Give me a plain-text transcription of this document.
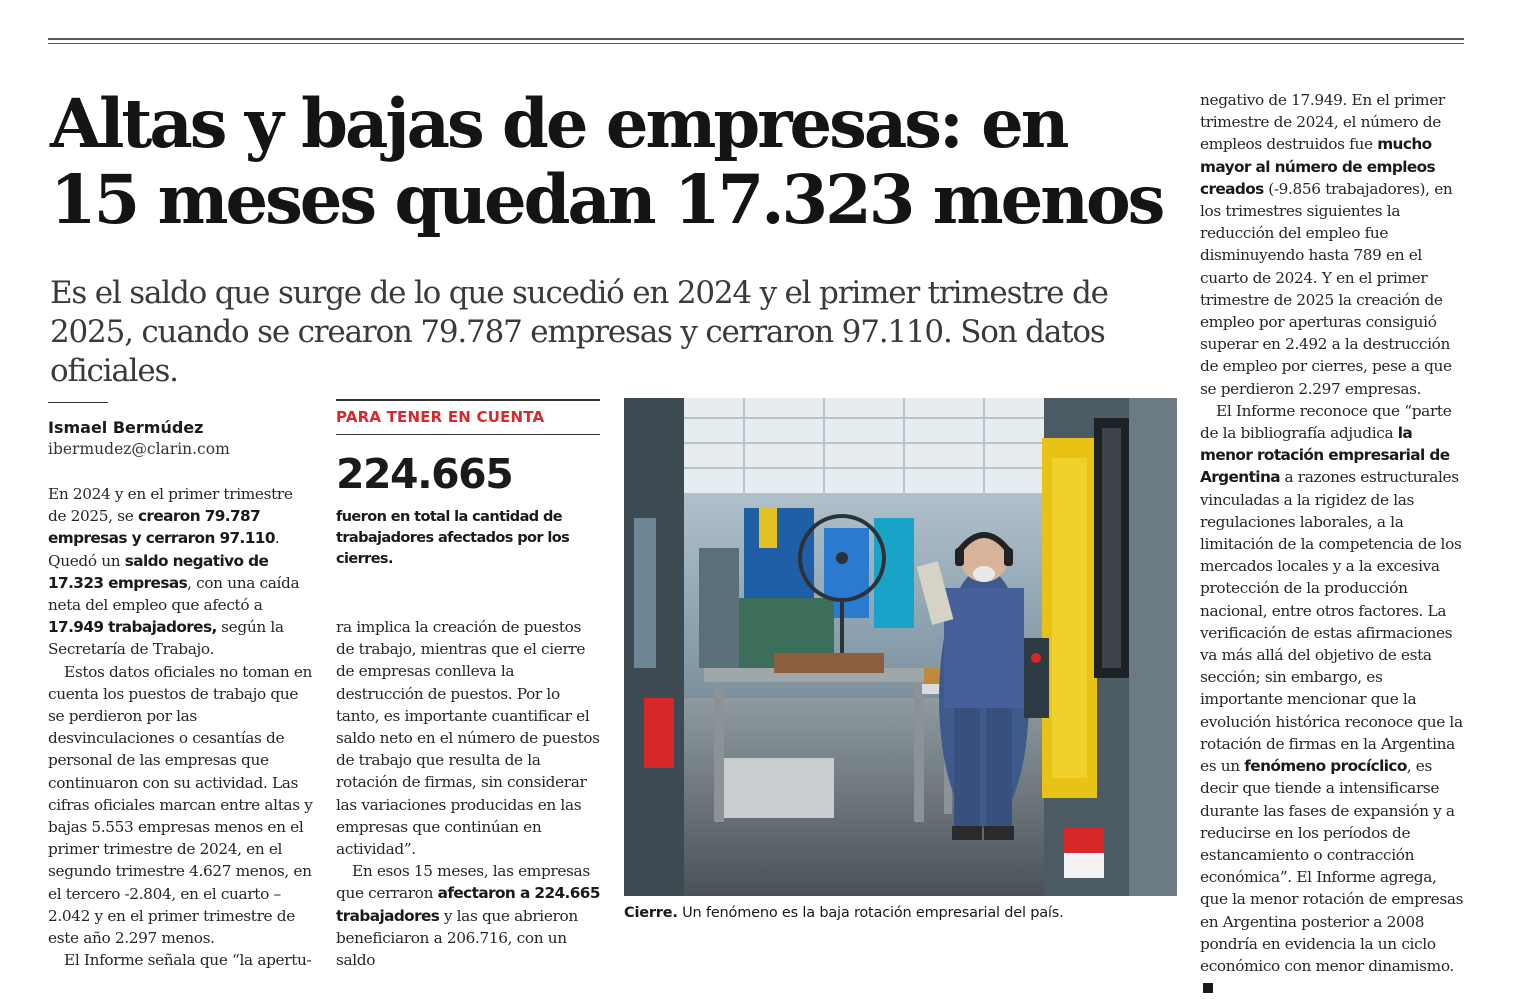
Altas y bajas de empresas: en 15 meses quedan 17.323 menos

Es el saldo que surge de lo que sucedió en 2024 y el primer trimestre de 2025, cuando se crearon 79.787 empresas y cerraron 97.110. Son datos oficiales.

Ismael Bermúdez
ibermudez@clarin.com

En 2024 y en el primer trimestre de 2025, se crearon 79.787 empresas y cerraron 97.110. Quedó un saldo negativo de 17.323 empresas, con una caída neta del empleo que afectó a 17.949 trabajadores, según la Secretaría de Trabajo.

Estos datos oficiales no toman en cuenta los puestos de trabajo que se perdieron por las desvinculaciones o cesantías de personal de las empresas que continuaron con su actividad. Las cifras oficiales marcan entre altas y bajas 5.553 empresas menos en el primer trimestre de 2024, en el segundo trimestre 4.627 menos, en el tercero -2.804, en el cuarto – 2.042 y en el primer trimestre de este año 2.297 menos.

El Informe señala que “la apertu-

PARA TENER EN CUENTA
224.665
fueron en total la cantidad de trabajadores afectados por los cierres.

ra implica la creación de puestos de trabajo, mientras que el cierre de empresas conlleva la destrucción de puestos. Por lo tanto, es importante cuantificar el saldo neto en el número de puestos de trabajo que resulta de la rotación de firmas, sin considerar las variaciones producidas en las empresas que continúan en actividad”.

En esos 15 meses, las empresas que cerraron afectaron a 224.665 trabajadores y las que abrieron beneficiaron a 206.716, con un saldo

Cierre. Un fenómeno es la baja rotación empresarial del país.

negativo de 17.949. En el primer trimestre de 2024, el número de empleos destruidos fue mucho mayor al número de empleos creados (-9.856 trabajadores), en los trimestres siguientes la reducción del empleo fue disminuyendo hasta 789 en el cuarto de 2024. Y en el primer trimestre de 2025 la creación de empleo por aperturas consiguió superar en 2.492 a la destrucción de empleo por cierres, pese a que se perdieron 2.297 empresas.

El Informe reconoce que “parte de la bibliografía adjudica la menor rotación empresarial de Argentina a razones estructurales vinculadas a la rigidez de las regulaciones laborales, a la limitación de la competencia de los mercados locales y a la excesiva protección de la producción nacional, entre otros factores. La verificación de estas afirmaciones va más allá del objetivo de esta sección; sin embargo, es importante mencionar que la evolución histórica reconoce que la rotación de firmas en la Argentina es un fenómeno procíclico, es decir que tiende a intensificarse durante las fases de expansión y a reducirse en los períodos de estancamiento o contracción económica”. El Informe agrega, que la menor rotación de empresas en Argentina posterior a 2008 pondría en evidencia la un ciclo económico con menor dinamismo.
